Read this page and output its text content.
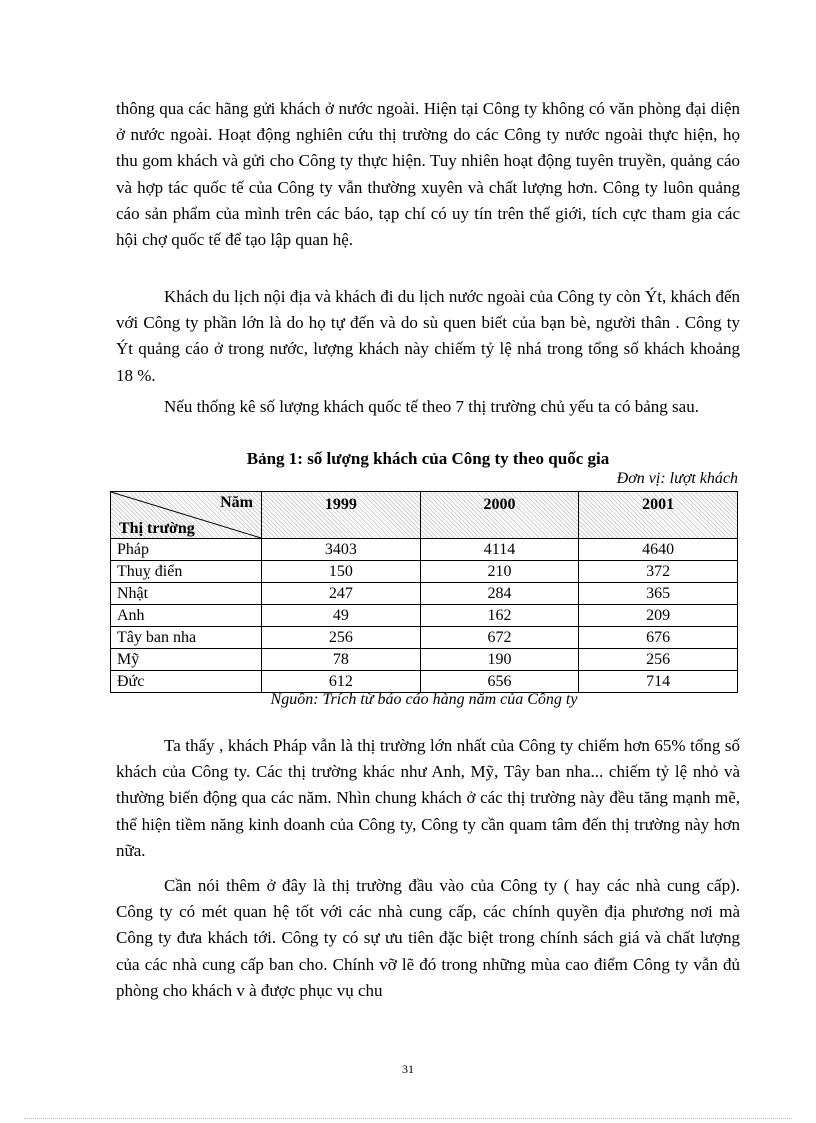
thông qua các hãng gửi khách ở nước ngoài. Hiện tại Công ty không có văn phòng đại diện ở nước ngoài. Hoạt động nghiên cứu thị trường do các Công ty nước ngoài thực hiện, họ thu gom khách và gửi cho Công ty thực hiện. Tuy nhiên hoạt động tuyên truyền, quảng cáo và hợp tác quốc tế của Công ty vẫn thường xuyên và chất lượng hơn. Công ty luôn quảng cáo sản phẩm của mình trên các báo, tạp chí có uy tín trên thế giới, tích cực tham gia các hội chợ quốc tế để tạo lập quan hệ.

Khách du lịch nội địa và khách đi du lịch nước ngoài của Công ty còn Ýt, khách đến với Công ty phần lớn là do họ tự đến và do sù quen biết của bạn bè, người thân . Công ty Ýt quảng cáo ở trong nước, lượng khách này chiếm tỷ lệ nhá trong tổng số khách khoảng 18 %.

Nếu thống kê số lượng khách quốc tế theo 7 thị trường chủ yếu ta có bảng sau.

Bảng 1: số lượng khách của Công ty theo quốc gia
Đơn vị: lượt khách
Năm
Thị trường	1999	2000	2001
Pháp	3403	4114	4640
Thuỵ điển	150	210	372
Nhật	247	284	365
Anh	49	162	209
Tây ban nha	256	672	676
Mỹ	78	190	256
Đức	612	656	714
Nguồn: Trích từ báo cáo hàng năm của Công ty

Ta thấy , khách Pháp vẫn là thị trường lớn nhất của Công ty chiếm hơn 65% tổng số khách của Công ty. Các thị trường khác như Anh, Mỹ, Tây ban nha... chiếm tỷ lệ nhỏ và thường biến động qua các năm. Nhìn chung khách ở các thị trường này đều tăng mạnh mẽ, thể hiện tiềm năng kinh doanh của Công ty, Công ty cần quam tâm đến thị trường này hơn nữa.

Cần nói thêm ở đây là thị trường đầu vào của Công ty ( hay các nhà cung cấp). Công ty có mét quan hệ tốt với các nhà cung cấp, các chính quyền địa phương nơi mà Công ty đưa khách tới. Công ty có sự ưu tiên đặc biệt trong chính sách giá và chất lượng của các nhà cung cấp ban cho. Chính vỡ lẽ đó trong những mùa cao điểm Công ty vẫn đủ phòng cho khách v à được phục vụ chu

31
